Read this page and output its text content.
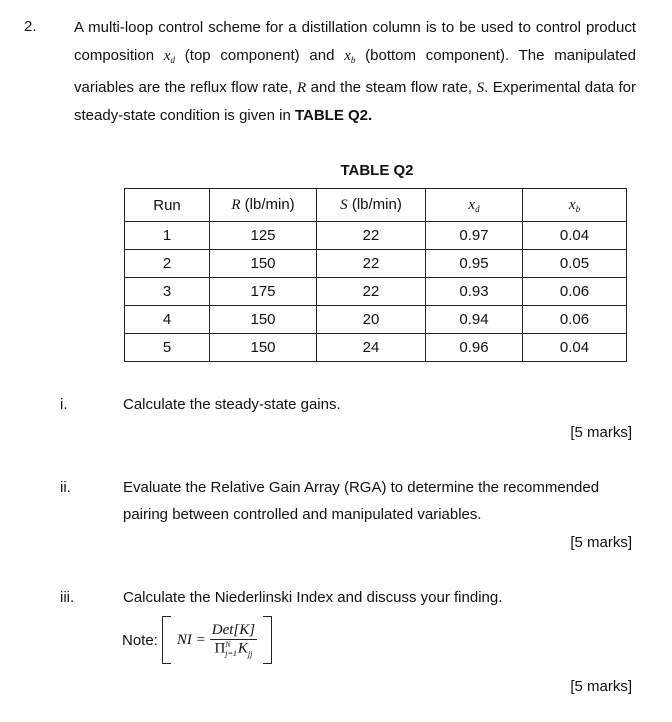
2. A multi-loop control scheme for a distillation column is to be used to control product composition $x_d$ (top component) and $x_b$ (bottom component). The manipulated variables are the reflux flow rate, R and the steam flow rate, S. Experimental data for steady-state condition is given in TABLE Q2.

TABLE Q2
Run	R (lb/min)	S (lb/min)	$x_d$	$x_b$
1	125	22	0.97	0.04
2	150	22	0.95	0.05
3	175	22	0.93	0.06
4	150	20	0.94	0.06
5	150	24	0.96	0.04
i.	Calculate the steady-state gains.
[5 marks]
ii.	Evaluate the Relative Gain Array (RGA) to determine the recommended pairing between controlled and manipulated variables.
[5 marks]
iii.	Calculate the Niederlinski Index and discuss your finding.
Note: NI = Det[K]
Π N
j=1 $K_{jj}$
[5 marks]
